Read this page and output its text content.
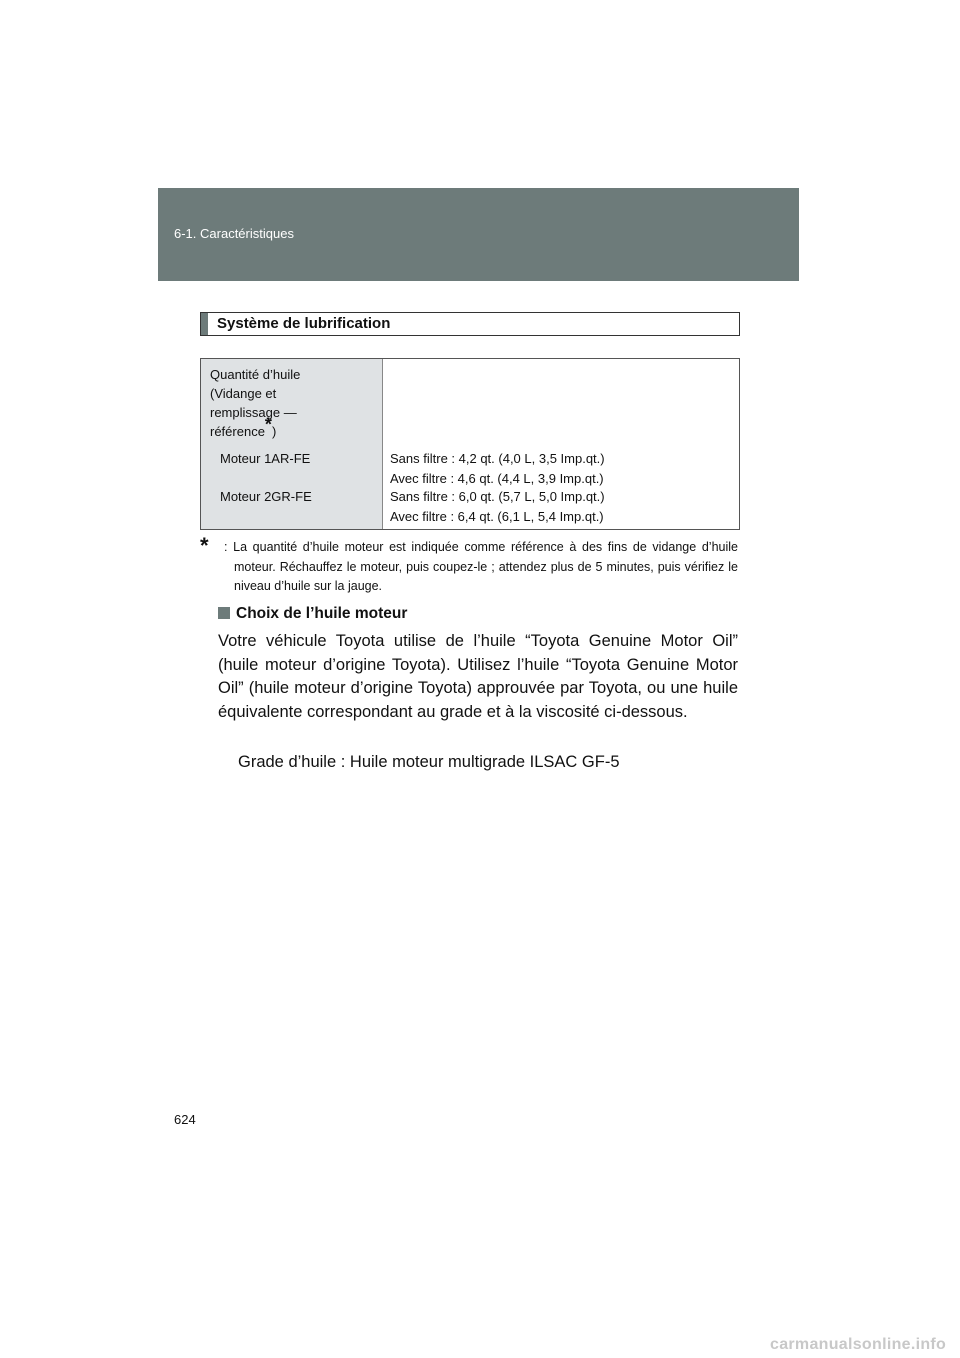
6-1. Caractéristiques
Système de lubrification
Quantité d’huile
(Vidange et
remplissage —
référence*)
Moteur 1AR-FE
Moteur 2GR-FE
Sans filtre : 4,2 qt. (4,0 L, 3,5 Imp.qt.)
Avec filtre : 4,6 qt. (4,4 L, 3,9 Imp.qt.)
Sans filtre : 6,0 qt. (5,7 L, 5,0 Imp.qt.)
Avec filtre : 6,4 qt. (6,1 L, 5,4 Imp.qt.)
* : La quantité d’huile moteur est indiquée comme référence à des fins de vidange d’huile moteur. Réchauffez le moteur, puis coupez-le ; attendez plus de 5 minutes, puis vérifiez le niveau d’huile sur la jauge.
Choix de l’huile moteur
Votre véhicule Toyota utilise de l’huile “Toyota Genuine Motor Oil” (huile moteur d’origine Toyota). Utilisez l’huile “Toyota Genuine Motor Oil” (huile moteur d’origine Toyota) approuvée par Toyota, ou une huile équivalente correspondant au grade et à la viscosité ci-dessous.
Grade d’huile : Huile moteur multigrade ILSAC GF-5
624
carmanualsonline.info
